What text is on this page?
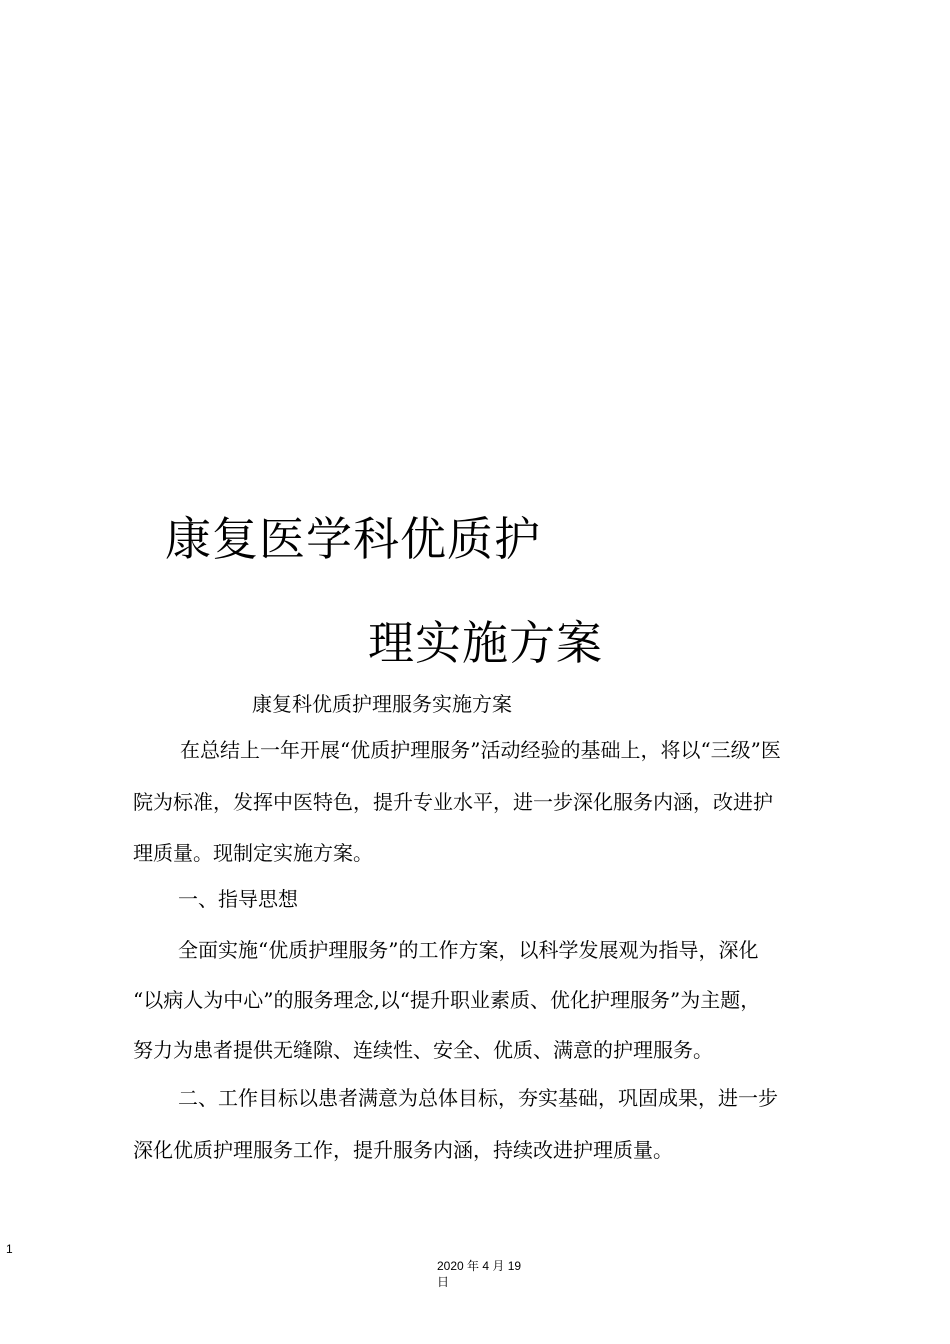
康复医学科优质护
理实施方案
康复科优质护理服务实施方案
在总结上一年开展“优质护理服务”活动经验的基础上，将以“三级”医
院为标准，发挥中医特色，提升专业水平，进一步深化服务内涵，改进护
理质量。现制定实施方案。
一、指导思想
全面实施“优质护理服务”的工作方案，以科学发展观为指导，深化
“以病人为中心”的服务理念,以“提升职业素质、优化护理服务”为主题，
努力为患者提供无缝隙、连续性、安全、优质、满意的护理服务。
二、工作目标以患者满意为总体目标，夯实基础，巩固成果，进一步
深化优质护理服务工作，提升服务内涵，持续改进护理质量。
1
2020 年 4 月 19
日
